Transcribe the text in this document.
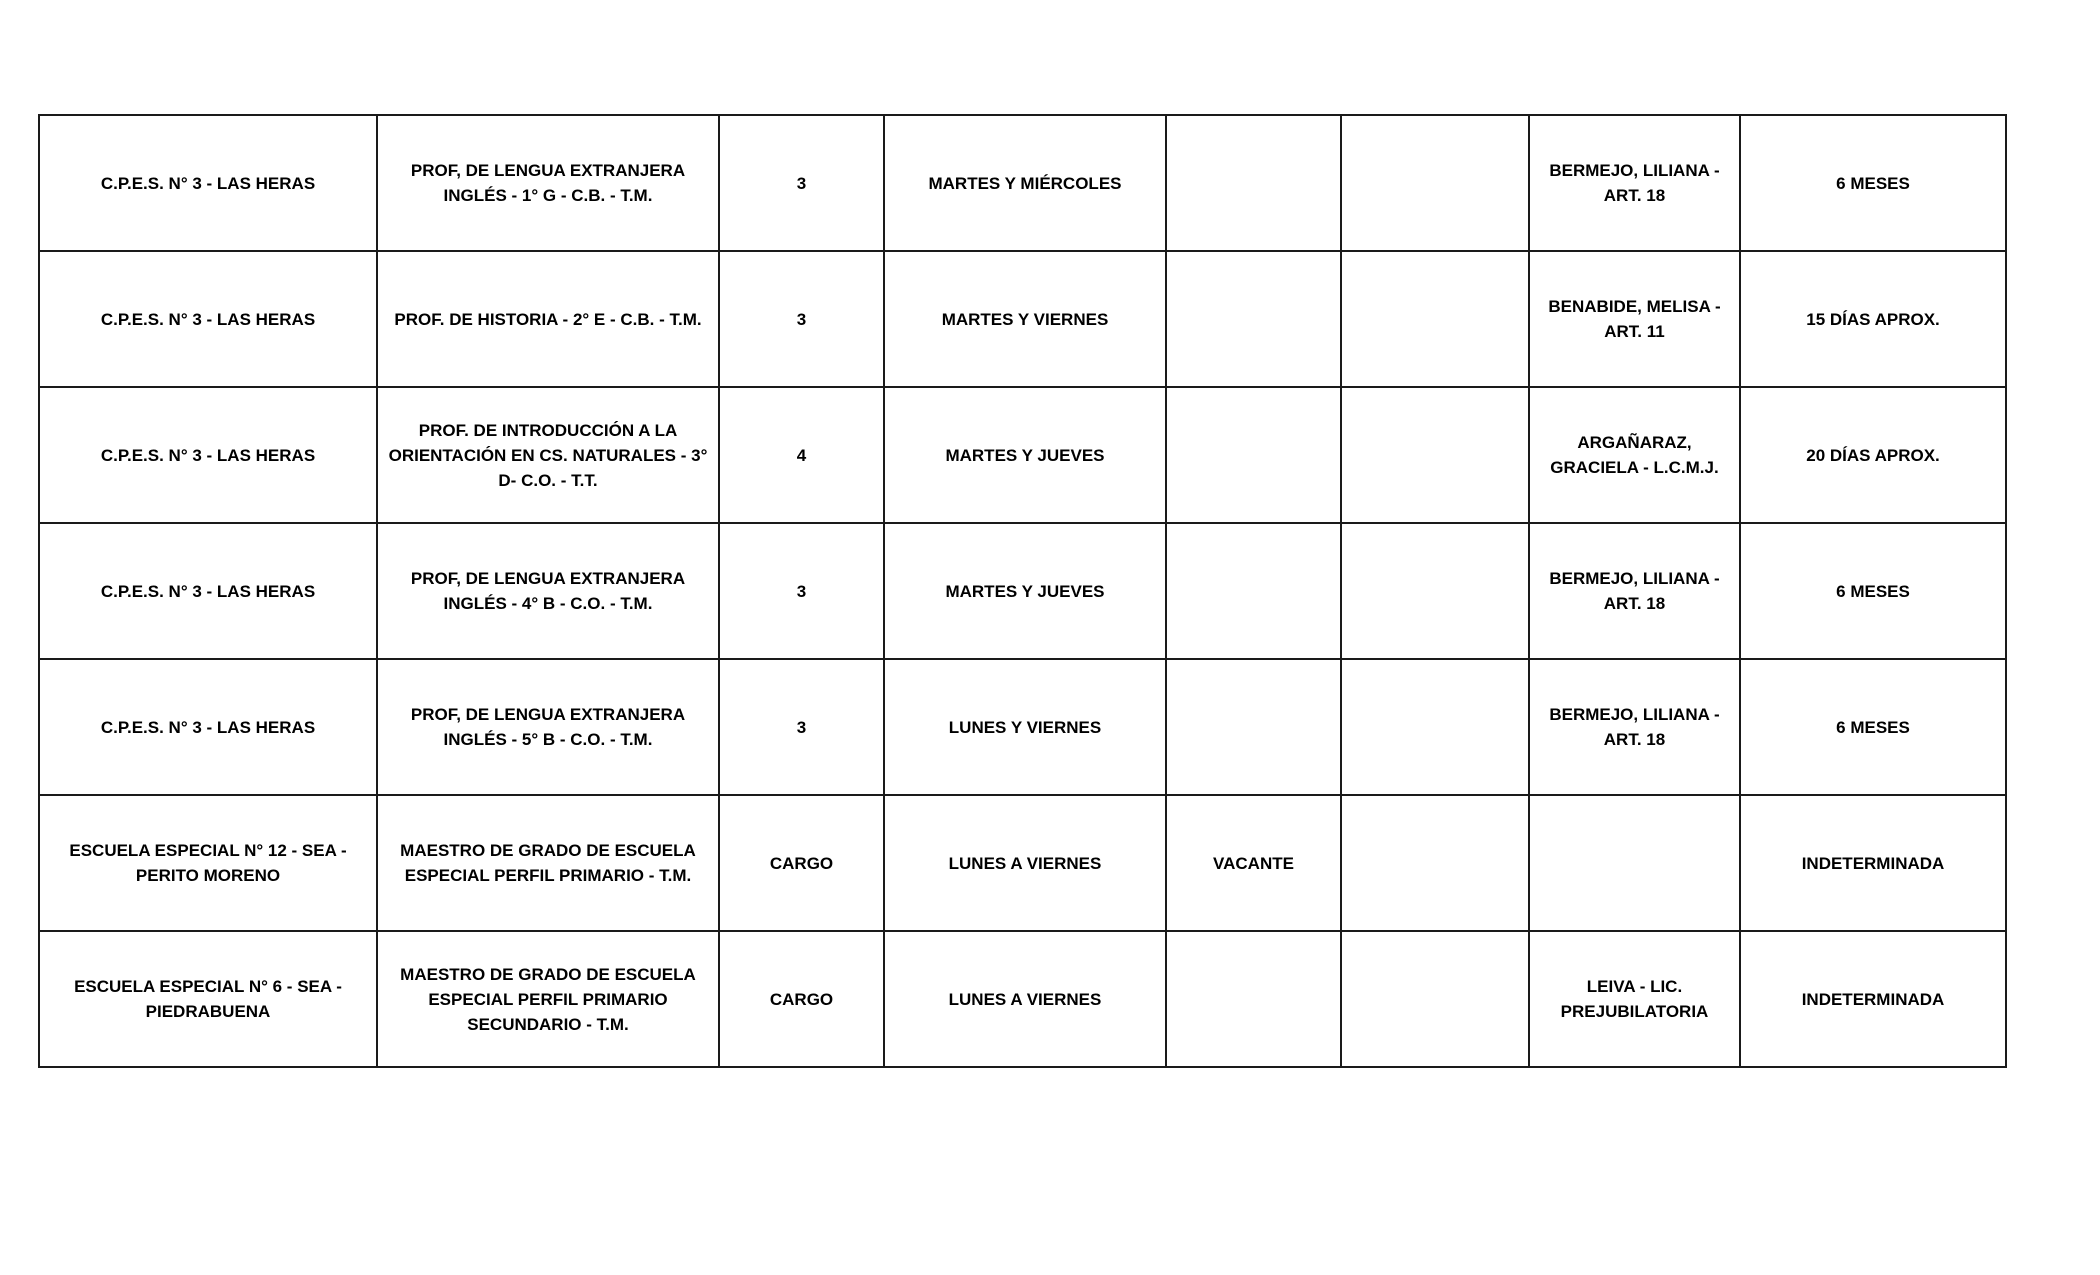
C.P.E.S. N° 3 - LAS HERAS	PROF, DE LENGUA EXTRANJERA INGLÉS - 1° G - C.B. - T.M.	3	MARTES Y MIÉRCOLES			BERMEJO, LILIANA - ART. 18	6 MESES
C.P.E.S. N° 3 - LAS HERAS	PROF. DE HISTORIA - 2° E - C.B. - T.M.	3	MARTES Y VIERNES			BENABIDE, MELISA - ART. 11	15 DÍAS APROX.
C.P.E.S. N° 3 - LAS HERAS	PROF. DE INTRODUCCIÓN A LA ORIENTACIÓN EN CS. NATURALES - 3° D- C.O. - T.T.	4	MARTES Y JUEVES			ARGAÑARAZ, GRACIELA - L.C.M.J.	20 DÍAS APROX.
C.P.E.S. N° 3 - LAS HERAS	PROF, DE LENGUA EXTRANJERA INGLÉS - 4° B - C.O. - T.M.	3	MARTES Y JUEVES			BERMEJO, LILIANA - ART. 18	6 MESES
C.P.E.S. N° 3 - LAS HERAS	PROF, DE LENGUA EXTRANJERA INGLÉS - 5° B - C.O. - T.M.	3	LUNES Y VIERNES			BERMEJO, LILIANA - ART. 18	6 MESES
ESCUELA ESPECIAL N° 12 - SEA - PERITO MORENO	MAESTRO DE GRADO DE ESCUELA ESPECIAL PERFIL PRIMARIO - T.M.	CARGO	LUNES A VIERNES	VACANTE			INDETERMINADA
ESCUELA ESPECIAL N° 6 - SEA - PIEDRABUENA	MAESTRO DE GRADO DE ESCUELA ESPECIAL PERFIL PRIMARIO SECUNDARIO - T.M.	CARGO	LUNES A VIERNES			LEIVA - LIC. PREJUBILATORIA	INDETERMINADA
